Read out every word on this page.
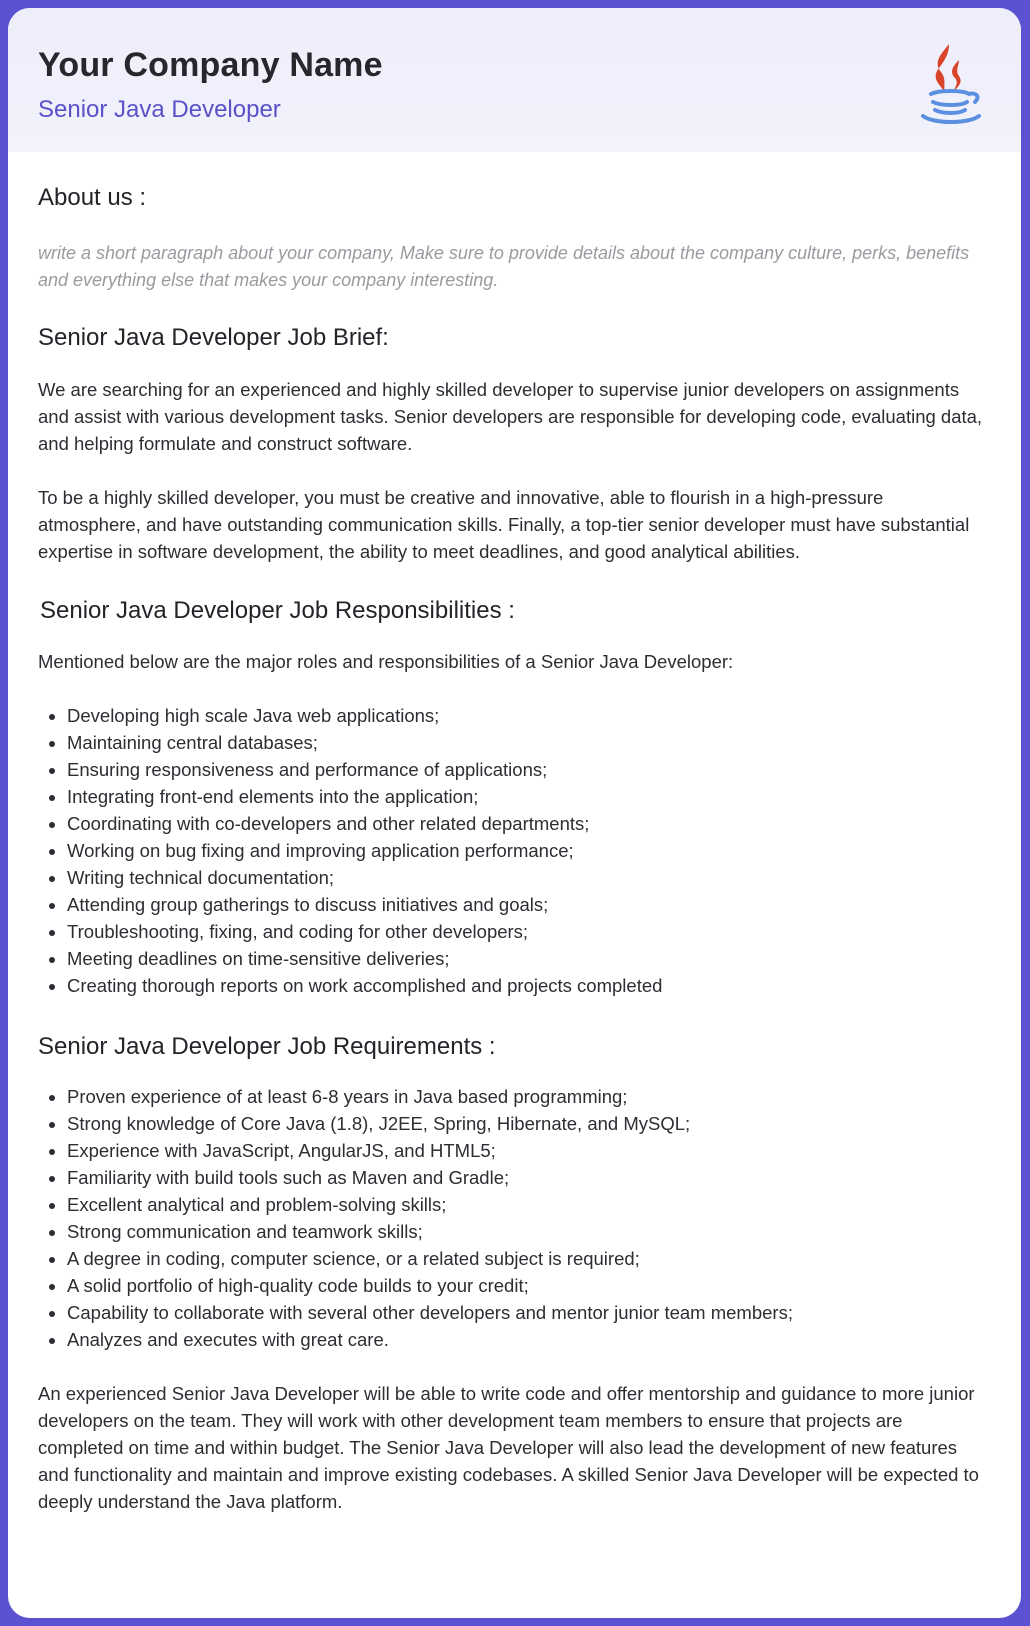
Your Company Name
Senior Java Developer
About us :

write a short paragraph about your company, Make sure to provide details about the company culture, perks, benefits and everything else that makes your company interesting.

Senior Java Developer Job Brief:

We are searching for an experienced and highly skilled developer to supervise junior developers on assignments and assist with various development tasks. Senior developers are responsible for developing code, evaluating data, and helping formulate and construct software.

To be a highly skilled developer, you must be creative and innovative, able to flourish in a high-pressure atmosphere, and have outstanding communication skills. Finally, a top-tier senior developer must have substantial expertise in software development, the ability to meet deadlines, and good analytical abilities.

Senior Java Developer Job Responsibilities :

Mentioned below are the major roles and responsibilities of a Senior Java Developer:

• Developing high scale Java web applications;
• Maintaining central databases;
• Ensuring responsiveness and performance of applications;
• Integrating front-end elements into the application;
• Coordinating with co-developers and other related departments;
• Working on bug fixing and improving application performance;
• Writing technical documentation;
• Attending group gatherings to discuss initiatives and goals;
• Troubleshooting, fixing, and coding for other developers;
• Meeting deadlines on time-sensitive deliveries;
• Creating thorough reports on work accomplished and projects completed
Senior Java Developer Job Requirements :
• Proven experience of at least 6-8 years in Java based programming;
• Strong knowledge of Core Java (1.8), J2EE, Spring, Hibernate, and MySQL;
• Experience with JavaScript, AngularJS, and HTML5;
• Familiarity with build tools such as Maven and Gradle;
• Excellent analytical and problem-solving skills;
• Strong communication and teamwork skills;
• A degree in coding, computer science, or a related subject is required;
• A solid portfolio of high-quality code builds to your credit;
• Capability to collaborate with several other developers and mentor junior team members;
• Analyzes and executes with great care.

An experienced Senior Java Developer will be able to write code and offer mentorship and guidance to more junior developers on the team. They will work with other development team members to ensure that projects are completed on time and within budget. The Senior Java Developer will also lead the development of new features and functionality and maintain and improve existing codebases. A skilled Senior Java Developer will be expected to deeply understand the Java platform.
